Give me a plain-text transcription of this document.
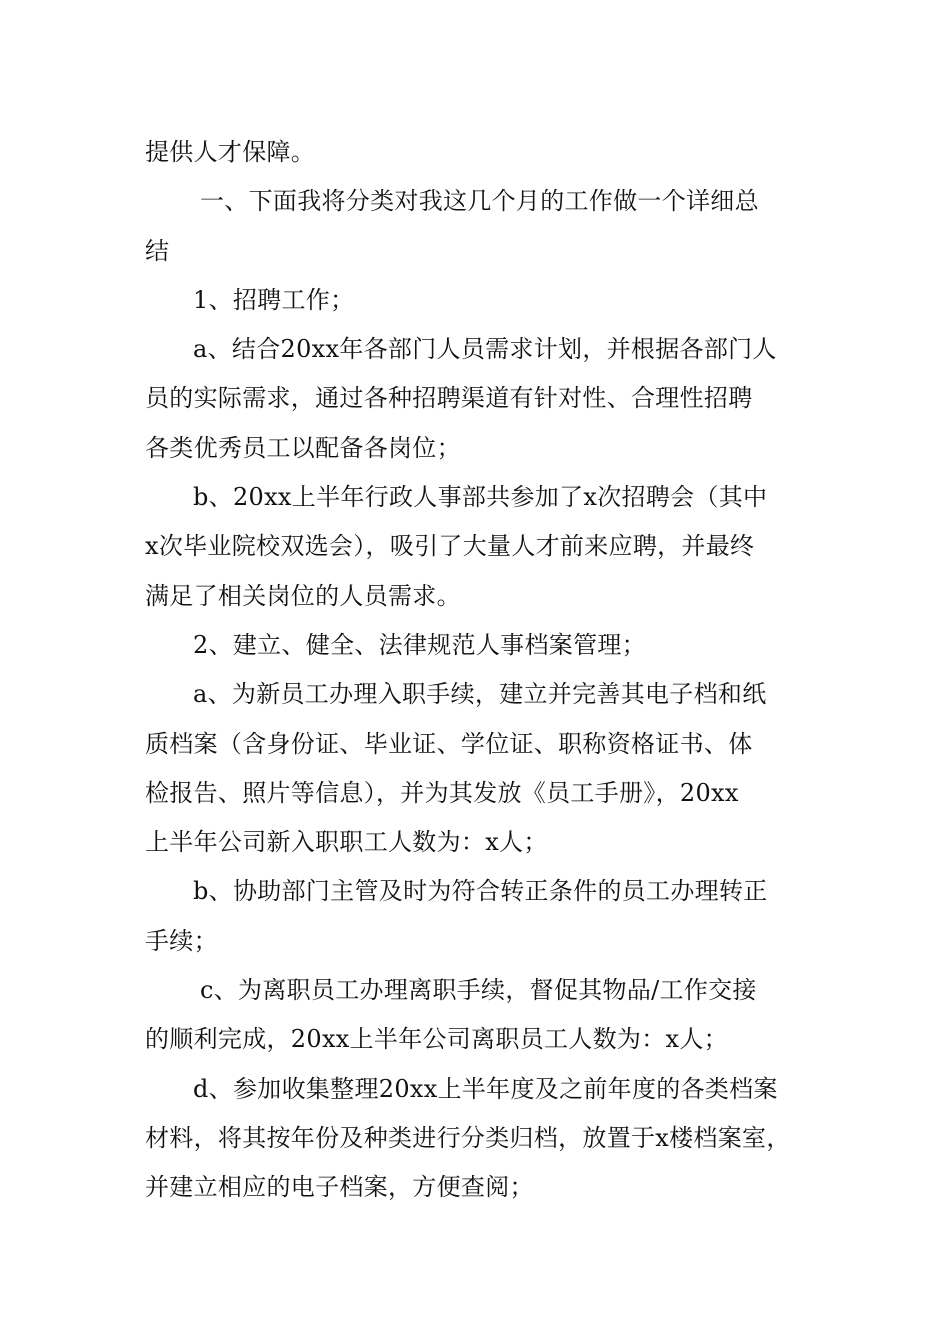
提供人才保障。

一、下面我将分类对我这几个月的工作做一个详细总

结

1、招聘工作；

a、结合20xx年各部门人员需求计划，并根据各部门人

员的实际需求，通过各种招聘渠道有针对性、合理性招聘

各类优秀员工以配备各岗位；

b、20xx上半年行政人事部共参加了x次招聘会（其中

x次毕业院校双选会），吸引了大量人才前来应聘，并最终

满足了相关岗位的人员需求。

2、建立、健全、法律规范人事档案管理；

a、为新员工办理入职手续，建立并完善其电子档和纸

质档案（含身份证、毕业证、学位证、职称资格证书、体

检报告、照片等信息），并为其发放《员工手册》，20xx

上半年公司新入职职工人数为：x人；

b、协助部门主管及时为符合转正条件的员工办理转正

手续；

c、为离职员工办理离职手续，督促其物品/工作交接

的顺利完成，20xx上半年公司离职员工人数为：x人；

d、参加收集整理20xx上半年度及之前年度的各类档案

材料，将其按年份及种类进行分类归档，放置于x楼档案室，

并建立相应的电子档案，方便查阅；
